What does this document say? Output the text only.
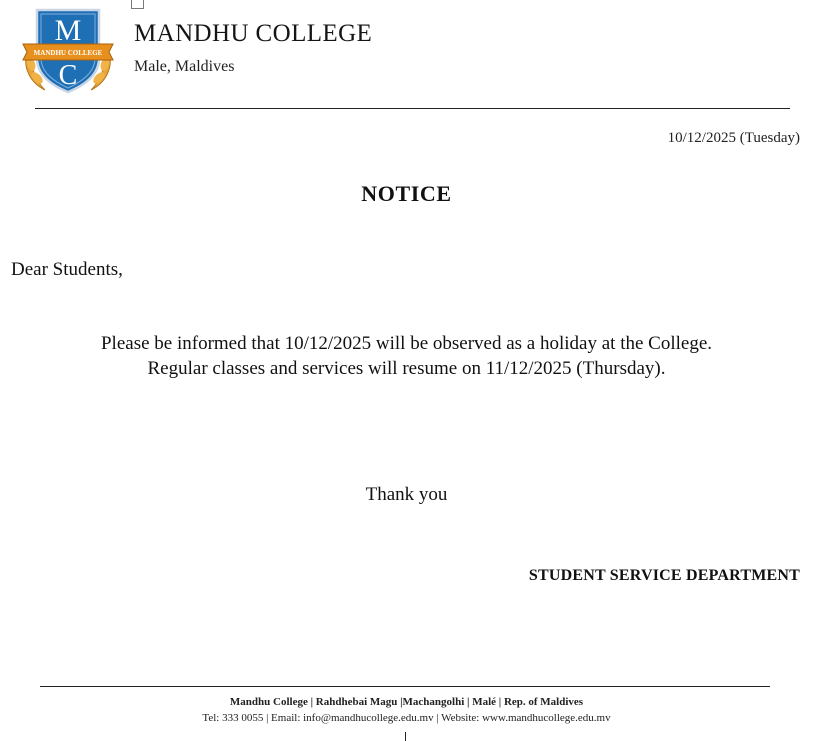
MANDHU COLLEGE
M
C
MANDHU COLLEGE
Male, Maldives
10/12/2025 (Tuesday)
NOTICE
Dear Students,
Please be informed that 10/12/2025 will be observed as a holiday at the College.
Regular classes and services will resume on 11/12/2025 (Thursday).
Thank you
STUDENT SERVICE DEPARTMENT
Mandhu College | Rahdhebai Magu |Machangolhi | Malé | Rep. of Maldives
Tel: 333 0055 | Email: info@mandhucollege.edu.mv | Website: www.mandhucollege.edu.mv
